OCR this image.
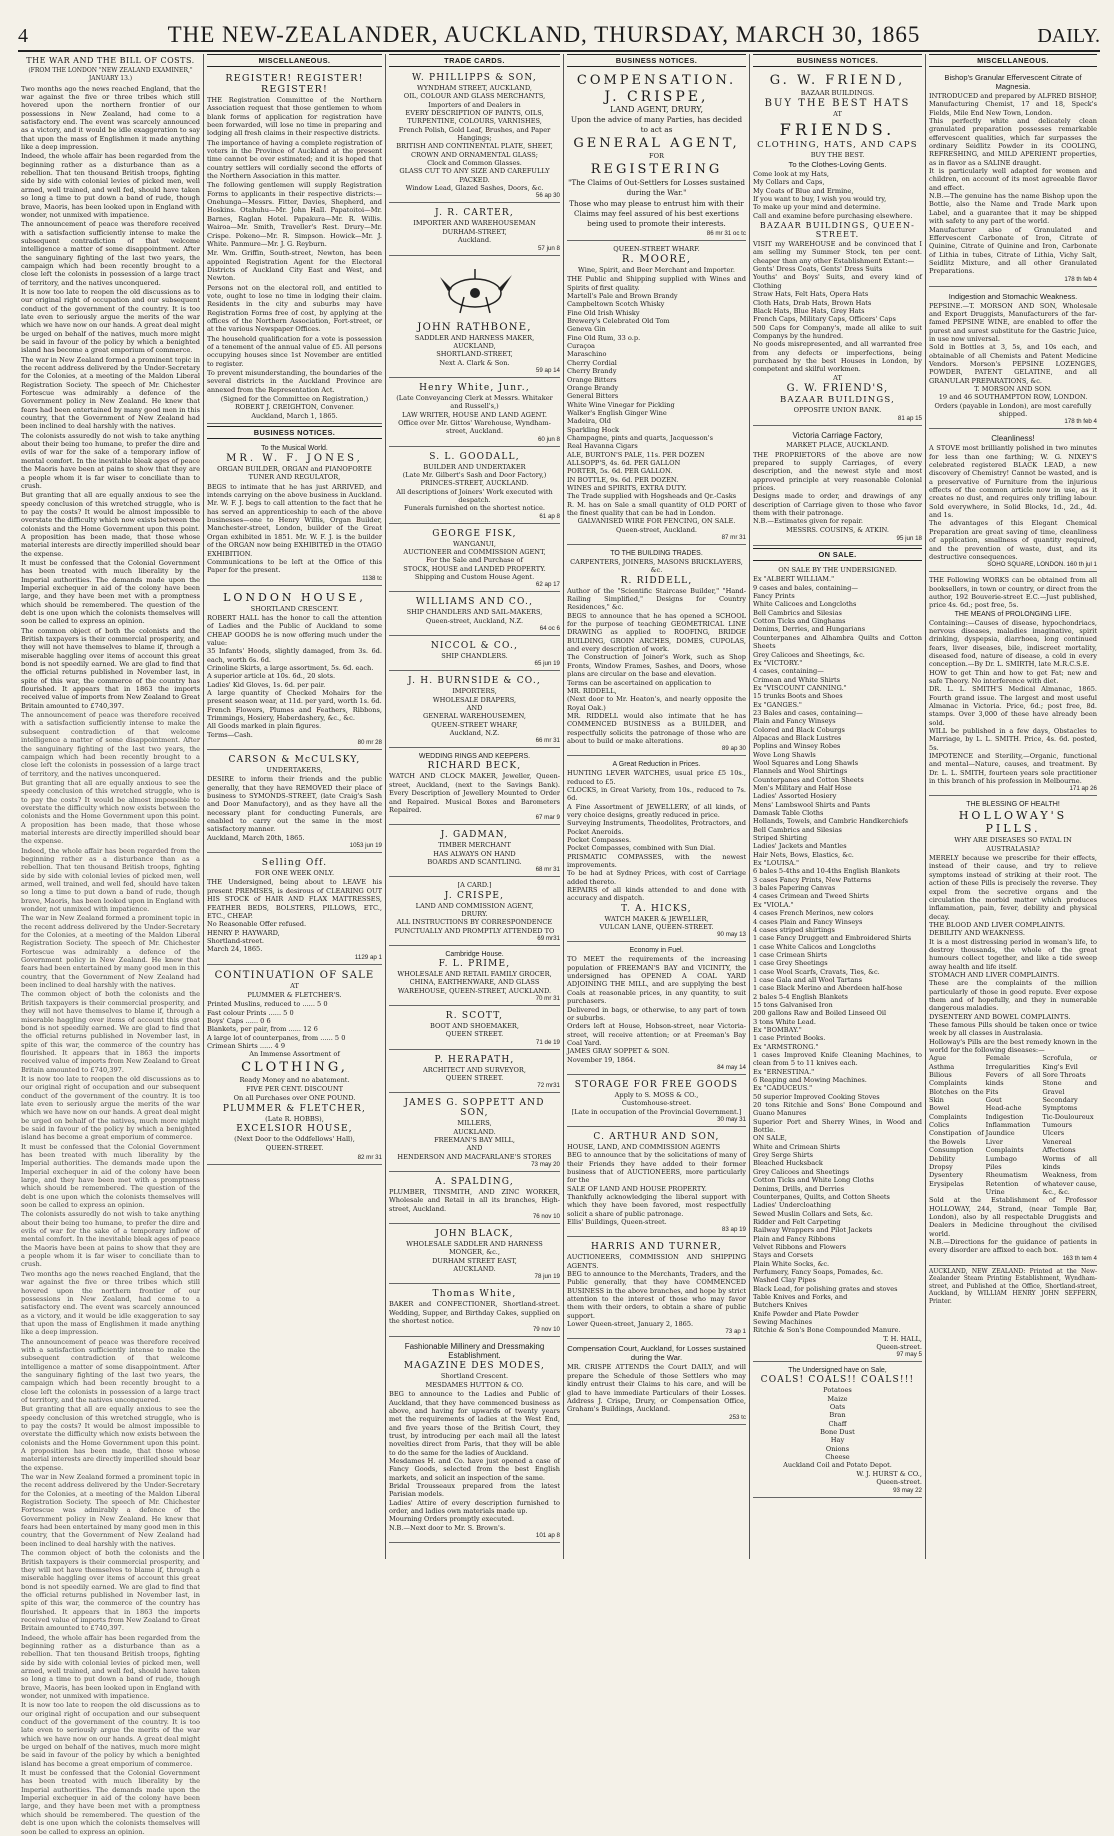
4	THE NEW-ZEALANDER, AUCKLAND, THURSDAY, MARCH 30, 1865	DAILY.
THE WAR AND THE BILL OF COSTS.

(FROM THE LONDON "NEW ZEALAND EXAMINER," JANUARY 13.)

Two months ago the news reached England, that the war against the five or three tribes which still hovered upon the northern frontier of our possessions in New Zealand, had come to a satisfactory end. The event was scarcely announced as a victory, and it would be idle exaggeration to say that upon the mass of Englishmen it made anything like a deep impression.

Indeed, the whole affair has been regarded from the beginning rather as a disturbance than as a rebellion. That ten thousand British troops, fighting side by side with colonial levies of picked men, well armed, well trained, and well fed, should have taken so long a time to put down a band of rude, though brave, Maoris, has been looked upon in England with wonder, not unmixed with impatience.

The announcement of peace was therefore received with a satisfaction sufficiently intense to make the subsequent contradiction of that welcome intelligence a matter of some disappointment. After the sanguinary fighting of the last two years, the campaign which had been recently brought to a close left the colonists in possession of a large tract of territory, and the natives unconquered.

It is now too late to reopen the old discussions as to our original right of occupation and our subsequent conduct of the government of the country. It is too late even to seriously argue the merits of the war which we have now on our hands. A great deal might be urged on behalf of the natives, much more might be said in favour of the policy by which a benighted island has become a great emporium of commerce.

The war in New Zealand formed a prominent topic in the recent address delivered by the Under-Secretary for the Colonies, at a meeting of the Maldon Liberal Registration Society. The speech of Mr. Chichester Fortescue was admirably a defence of the Government policy in New Zealand. He knew that fears had been entertained by many good men in this country, that the Government of New Zealand had been inclined to deal harshly with the natives.

The colonists assuredly do not wish to take anything about their being too humane, to prefer the dire and evils of war for the sake of a temporary inflow of mental comfort. In the inevitable bleak ages of peace the Maoris have been at pains to show that they are a people whom it is far wiser to conciliate than to crush.

But granting that all are equally anxious to see the speedy conclusion of this wretched struggle, who is to pay the costs? It would be almost impossible to overstate the difficulty which now exists between the colonists and the Home Government upon this point. A proposition has been made, that those whose material interests are directly imperilled should bear the expense.

It must be confessed that the Colonial Government has been treated with much liberality by the Imperial authorities. The demands made upon the Imperial exchequer in aid of the colony have been large, and they have been met with a promptness which should be remembered. The question of the debt is one upon which the colonists themselves will soon be called to express an opinion.

The common object of both the colonists and the British taxpayers is their commercial prosperity, and they will not have themselves to blame if, through a miserable haggling over items of account this great bond is not speedily earned. We are glad to find that the official returns published in November last, in spite of this war, the commerce of the country has flourished. It appears that in 1863 the imports received value of imports from New Zealand to Great Britain amounted to £740,397.

The announcement of peace was therefore received with a satisfaction sufficiently intense to make the subsequent contradiction of that welcome intelligence a matter of some disappointment. After the sanguinary fighting of the last two years, the campaign which had been recently brought to a close left the colonists in possession of a large tract of territory, and the natives unconquered.

But granting that all are equally anxious to see the speedy conclusion of this wretched struggle, who is to pay the costs? It would be almost impossible to overstate the difficulty which now exists between the colonists and the Home Government upon this point. A proposition has been made, that those whose material interests are directly imperilled should bear the expense.

Indeed, the whole affair has been regarded from the beginning rather as a disturbance than as a rebellion. That ten thousand British troops, fighting side by side with colonial levies of picked men, well armed, well trained, and well fed, should have taken so long a time to put down a band of rude, though brave, Maoris, has been looked upon in England with wonder, not unmixed with impatience.

The war in New Zealand formed a prominent topic in the recent address delivered by the Under-Secretary for the Colonies, at a meeting of the Maldon Liberal Registration Society. The speech of Mr. Chichester Fortescue was admirably a defence of the Government policy in New Zealand. He knew that fears had been entertained by many good men in this country, that the Government of New Zealand had been inclined to deal harshly with the natives.

The common object of both the colonists and the British taxpayers is their commercial prosperity, and they will not have themselves to blame if, through a miserable haggling over items of account this great bond is not speedily earned. We are glad to find that the official returns published in November last, in spite of this war, the commerce of the country has flourished. It appears that in 1863 the imports received value of imports from New Zealand to Great Britain amounted to £740,397.

It is now too late to reopen the old discussions as to our original right of occupation and our subsequent conduct of the government of the country. It is too late even to seriously argue the merits of the war which we have now on our hands. A great deal might be urged on behalf of the natives, much more might be said in favour of the policy by which a benighted island has become a great emporium of commerce.

It must be confessed that the Colonial Government has been treated with much liberality by the Imperial authorities. The demands made upon the Imperial exchequer in aid of the colony have been large, and they have been met with a promptness which should be remembered. The question of the debt is one upon which the colonists themselves will soon be called to express an opinion.

The colonists assuredly do not wish to take anything about their being too humane, to prefer the dire and evils of war for the sake of a temporary inflow of mental comfort. In the inevitable bleak ages of peace the Maoris have been at pains to show that they are a people whom it is far wiser to conciliate than to crush.

Two months ago the news reached England, that the war against the five or three tribes which still hovered upon the northern frontier of our possessions in New Zealand, had come to a satisfactory end. The event was scarcely announced as a victory, and it would be idle exaggeration to say that upon the mass of Englishmen it made anything like a deep impression.

The announcement of peace was therefore received with a satisfaction sufficiently intense to make the subsequent contradiction of that welcome intelligence a matter of some disappointment. After the sanguinary fighting of the last two years, the campaign which had been recently brought to a close left the colonists in possession of a large tract of territory, and the natives unconquered.

But granting that all are equally anxious to see the speedy conclusion of this wretched struggle, who is to pay the costs? It would be almost impossible to overstate the difficulty which now exists between the colonists and the Home Government upon this point. A proposition has been made, that those whose material interests are directly imperilled should bear the expense.

The war in New Zealand formed a prominent topic in the recent address delivered by the Under-Secretary for the Colonies, at a meeting of the Maldon Liberal Registration Society. The speech of Mr. Chichester Fortescue was admirably a defence of the Government policy in New Zealand. He knew that fears had been entertained by many good men in this country, that the Government of New Zealand had been inclined to deal harshly with the natives.

The common object of both the colonists and the British taxpayers is their commercial prosperity, and they will not have themselves to blame if, through a miserable haggling over items of account this great bond is not speedily earned. We are glad to find that the official returns published in November last, in spite of this war, the commerce of the country has flourished. It appears that in 1863 the imports received value of imports from New Zealand to Great Britain amounted to £740,397.

Indeed, the whole affair has been regarded from the beginning rather as a disturbance than as a rebellion. That ten thousand British troops, fighting side by side with colonial levies of picked men, well armed, well trained, and well fed, should have taken so long a time to put down a band of rude, though brave, Maoris, has been looked upon in England with wonder, not unmixed with impatience.

It is now too late to reopen the old discussions as to our original right of occupation and our subsequent conduct of the government of the country. It is too late even to seriously argue the merits of the war which we have now on our hands. A great deal might be urged on behalf of the natives, much more might be said in favour of the policy by which a benighted island has become a great emporium of commerce.

It must be confessed that the Colonial Government has been treated with much liberality by the Imperial authorities. The demands made upon the Imperial exchequer in aid of the colony have been large, and they have been met with a promptness which should be remembered. The question of the debt is one upon which the colonists themselves will soon be called to express an opinion.

MISCELLANEOUS.
REGISTER! REGISTER! REGISTER!

THE Registration Committee of the Northern Association request that those gentlemen to whom blank forms of application for registration have been forwarded, will lose no time in preparing and lodging all fresh claims in their respective districts.

The importance of having a complete registration of voters in the Province of Auckland at the present time cannot be over estimated; and it is hoped that country settlers will cordially second the efforts of the Northern Association in this matter.

The following gentlemen will supply Registration Forms to applicants in their respective districts:—Onehunga—Messrs. Fitter, Davies, Shepherd, and Hoskins. Otahuhu—Mr. John Hall. Papatoitoi—Mr. Barnes, Raglan Hotel. Papakura—Mr. R. Willis. Wairoa—Mr. Smith, Traveller's Rest. Drury—Mr. Crispe. Pokeno—Mr. R. Simpson. Howick—Mr. J. White. Panmure—Mr. J. G. Reyburn.

Mr. Wm. Griffin, South-street, Newton, has been appointed Registration Agent for the Electoral Districts of Auckland City East and West, and Newton.

Persons not on the electoral roll, and entitled to vote, ought to lose no time in lodging their claim. Residents in the city and suburbs may have Registration Forms free of cost, by applying at the offices of the Northern Association, Fort-street, or at the various Newspaper Offices.

The household qualification for a vote is possession of a tenement of the annual value of £5. All persons occupying houses since 1st November are entitled to register.

To prevent misunderstanding, the boundaries of the several districts in the Auckland Province are annexed from the Representation Act.

(Signed for the Committee on Registration,)
ROBERT J. CREIGHTON, Convener.
Auckland, March 1, 1865.

BUSINESS NOTICES.
To the Musical World.
MR. W. F. JONES,

ORGAN BUILDER, ORGAN and PIANOFORTE TUNER AND REGULATOR,

BEGS to intimate that he has just ARRIVED, and intends carrying on the above business in Auckland. Mr. W. F. J. begs to call attention to the fact that he has served an apprenticeship to each of the above businesses—one to Henry Willis, Organ Builder, Manchester-street, London, builder of the Great Organ exhibited in 1851. Mr. W. F. J. is the builder of the ORGAN now being EXHIBITED in the OTAGO EXHIBITION.
Communications to be left at the Office of this Paper for the present.

1138 tc
LONDON HOUSE,

SHORTLAND CRESCENT.

ROBERT HALL has the honor to call the attention of Ladies and the Public of Auckland to some CHEAP GOODS he is now offering much under the value:
35 Infants' Hoods, slightly damaged, from 3s. 6d. each, worth 6s. 6d.
Crinoline Skirts, a large assortment, 5s. 6d. each.
A superior article at 10s. 6d., 20 slots.
Ladies' Kid Gloves, 1s. 6d. per pair.
A large quantity of Checked Mohairs for the present season wear, at 11d. per yard, worth 1s. 6d.
French Flowers, Plumes and Feathers, Ribbons, Trimmings, Hosiery, Haberdashery, &c., &c.
All Goods marked in plain figures.
Terms—Cash.

80 mr 28
CARSON & McCULSKY,

UNDERTAKERS,

DESIRE to inform their friends and the public generally, that they have REMOVED their place of business to SYMONDS-STREET, (late Craig's Sash and Door Manufactory), and as they have all the necessary plant for conducting Funerals, are enabled to carry out the same in the most satisfactory manner.
Auckland, March 20th, 1865.

1053 jun 19
Selling Off.

FOR ONE WEEK ONLY.

THE Undersigned, being about to LEAVE his present PREMISES, is desirous of CLEARING OUT HIS STOCK of HAIR AND FLAX MATTRESSES, FEATHER BEDS, BOLSTERS, PILLOWS, ETC., ETC., CHEAP.
No Reasonable Offer refused.
HENRY P. HAYWARD,
Shortland-street.
March 24, 1865.

1129 ap 1
CONTINUATION OF SALE

AT

PLUMMER & FLETCHER'S.

Printed Muslins, reduced to ...... 5 0
Fast colour Prints ...... 5 0
Boys' Caps ...... 0 6
Blankets, per pair, from ...... 12 6
A large lot of counterpanes, from ...... 5 0
Crimean Shirts ...... 4 9

An Immense Assortment of

CLOTHING,

Ready Money and no abatement.

FIVE PER CENT. DISCOUNT

On all Purchases over ONE POUND.

PLUMMER & FLETCHER,

(Late R. HOBBS),

EXCELSIOR HOUSE,

(Next Door to the Oddfellows' Hall),

QUEEN-STREET.

82 mr 31
TRADE CARDS.
W. PHILLIPPS & SON,

WYNDHAM STREET, AUCKLAND,
OIL, COLOUR AND GLASS MERCHANTS,
Importers of and Dealers in
EVERY DESCRIPTION OF PAINTS, OILS, TURPENTINE, COLOURS, VARNISHES,
French Polish, Gold Leaf, Brushes, and Paper Hangings;
BRITISH AND CONTINENTAL PLATE, SHEET, CROWN AND ORNAMENTAL GLASS;
Clock and Common Glasses.
GLASS CUT TO ANY SIZE AND CAREFULLY PACKED.
Window Lead, Glazed Sashes, Doors, &c.

56 ap 30
J. R. CARTER,

IMPORTER AND WAREHOUSEMAN
DURHAM-STREET,
Auckland.

57 jun 8
JOHN RATHBONE,

SADDLER AND HARNESS MAKER,
AUCKLAND,
SHORTLAND-STREET,
Next A. Clark & Son.

59 ap 14
Henry White, Junr.,

(Late Conveyancing Clerk at Messrs. Whitaker and Russell's,)
LAW WRITER, HOUSE AND LAND AGENT.
Office over Mr. Gittos' Warehouse, Wyndham-street, Auckland.

60 jun 8
S. L. GOODALL,

BUILDER AND UNDERTAKER
(Late Mr. Gilbert's Sash and Door Factory,)
PRINCES-STREET, AUCKLAND.
All descriptions of Joiners' Work executed with despatch.
Funerals furnished on the shortest notice.

61 ap 8
GEORGE FISK,

WANGANUI,
AUCTIONEER and COMMISSION AGENT,
For the Sale and Purchase of
STOCK, HOUSE and LANDED PROPERTY.
Shipping and Custom House Agent.

62 ap 17
WILLIAMS AND CO.,

SHIP CHANDLERS AND SAIL-MAKERS,
Queen-street, Auckland, N.Z.

64 oc 6
NICCOL & CO.,

SHIP CHANDLERS.

65 jun 19
J. H. BURNSIDE & CO.,

IMPORTERS,
WHOLESALE DRAPERS,
AND
GENERAL WAREHOUSEMEN,
QUEEN-STREET WHARF,
Auckland, N.Z.

66 mr 31
WEDDING RINGS AND KEEPERS.
RICHARD BECK,

WATCH AND CLOCK MAKER, Jeweller, Queen-street, Auckland, (next to the Savings Bank). Every Description of Jewellery Mounted to Order and Repaired. Musical Boxes and Barometers Repaired.

67 mar 9
J. GADMAN,

TIMBER MERCHANT
HAS ALWAYS ON HAND
BOARDS AND SCANTLING.

68 mr 31

[A CARD.]

J. CRISPE,

LAND AND COMMISSION AGENT,
DRURY.
ALL INSTRUCTIONS BY CORRESPONDENCE PUNCTUALLY AND PROMPTLY ATTENDED TO

69 mr31
Cambridge House.
F. L. PRIME,

WHOLESALE AND RETAIL FAMILY GROCER, CHINA, EARTHENWARE, AND GLASS WAREHOUSE, QUEEN-STREET, AUCKLAND.

70 mr 31
R. SCOTT,

BOOT AND SHOEMAKER,
QUEEN STREET.

71 de 19
P. HERAPATH,

ARCHITECT AND SURVEYOR,
QUEEN STREET.

72 mr31
JAMES G. SOPPETT AND SON,

MILLERS,
AUCKLAND.
FREEMAN'S BAY MILL,
AND
HENDERSON AND MACFARLANE'S STORES

73 may 20
A. SPALDING,

PLUMBER, TINSMITH, AND ZINC WORKER, Wholesale and Retail in all its branches, High-street, Auckland.

76 nov 10
JOHN BLACK,

WHOLESALE SADDLER AND HARNESS MONGER, &c.,
DURHAM STREET EAST,
AUCKLAND.

78 jun 19
Thomas White,

BAKER and CONFECTIONER, Shortland-street. Wedding, Supper, and Birthday Cakes, supplied on the shortest notice.

79 nov 10
Fashionable Millinery and Dressmaking Establishment.
MAGAZINE DES MODES,

Shortland Crescent.

MESDAMES HUTTON & CO.

BEG to announce to the Ladies and Public of Auckland, that they have commenced business as above, and having for upwards of twenty years met the requirements of ladies at the West End, and five years those of the British Court, they trust, by introducing per each mail all the latest novelties direct from Paris, that they will be able to do the same for the ladies of Auckland.
Mesdames H. and Co. have just opened a case of Fancy Goods, selected from the best English markets, and solicit an inspection of the same.
Bridal Trousseaux prepared from the latest Parisian models.
Ladies' Attire of every description furnished to order, and ladies own materials made up.
Mourning Orders promptly executed.
N.B.—Next door to Mr. S. Brown's.

101 ap 8
BUSINESS NOTICES.
COMPENSATION.
J. CRISPE,

LAND AGENT, DRURY,

Upon the advice of many Parties, has decided to act as

GENERAL AGENT,

FOR

REGISTERING

"The Claims of Out-Settlers for Losses sustained during the War."

Those who may please to entrust him with their Claims may feel assured of his best exertions being used to promote their interests.

86 mr 31 oc tc

QUEEN-STREET WHARF.

R. MOORE,

Wine, Spirit, and Beer Merchant and Importer.

THE Public and Shipping supplied with Wines and Spirits of first quality.
Martell's Pale and Brown Brandy
Campbeltown Scotch Whisky
Fine Old Irish Whisky
Brewery's Celebrated Old Tom
Geneva Gin
Fine Old Rum, 33 o.p.
Curaçoa
Maraschino
Cherry Cordial
Cherry Brandy
Orange Bitters
Orange Brandy
General Bitters
White Wine Vinegar for Pickling
Walker's English Ginger Wine
Madeira, Old
Sparkling Hock
Champagne, pints and quarts, Jacquesson's
Real Havanna Cigars
ALE, BURTON'S PALE, 11s. PER DOZEN
ALLSOPP'S, 4s. 6d. PER GALLON
PORTER, 5s. 6d. PER GALLON.
IN BOTTLE, 9s. 6d. PER DOZEN.
WINES and SPIRITS, EXTRA DUTY.
The Trade supplied with Hogsheads and Qr.-Casks
R. M. has on Sale a small quantity of OLD PORT of the finest quality that can be had in London.

GALVANISED WIRE FOR FENCING, ON SALE.
Queen-street, Auckland.

87 mr 31
TO THE BUILDING TRADES.

CARPENTERS, JOINERS, MASONS BRICKLAYERS, &c.

R. RIDDELL,

Author of the "Scientific Staircase Builder," "Hand-Railing Simplified," Designs for Country Residences," &c.
BEGS to announce that he has opened a SCHOOL for the purpose of teaching GEOMETRICAL LINE DRAWING as applied to ROOFING, BRIDGE BUILDING, GROIN ARCHES, DOMES, CUPOLAS, and every description of work.
The Construction of Joiner's Work, such as Shop Fronts, Window Frames, Sashes, and Doors, whose plans are circular on the base and elevation.
Terms can be ascertained on application to
MR. RIDDELL,
(Next door to Mr. Heaton's, and nearly opposite the Royal Oak.)
MR. RIDDELL would also intimate that he has COMMENCED BUSINESS as a BUILDER, and respectfully solicits the patronage of those who are about to build or make alterations.

89 ap 30
A Great Reduction in Prices.

HUNTING LEVER WATCHES, usual price £5 10s., reduced to £5.
CLOCKS, in Great Variety, from 10s., reduced to 7s. 6d.
A Fine Assortment of JEWELLERY, of all kinds, of very choice designs, greatly reduced in price.
Surveying Instruments, Theodolites, Protractors, and Pocket Aneroids.
Pocket Compasses.
Pocket Compasses, combined with Sun Dial.
PRISMATIC COMPASSES, with the newest improvements.
To be had at Sydney Prices, with cost of Carriage added thereto.
REPAIRS of all kinds attended to and done with accuracy and dispatch.

T. A. HICKS,

WATCH MAKER & JEWELLER,
VULCAN LANE, QUEEN-STREET.

90 may 13
Economy in Fuel.

TO MEET the requirements of the increasing population of FREEMAN'S BAY and VICINITY, the undersigned has OPENED A COAL YARD ADJOINING THE MILL, and are supplying the best Coals at reasonable prices, in any quantity, to suit purchasers.
Delivered in bags, or otherwise, to any part of town or suburbs.
Orders left at House, Hobson-street, near Victoria-street, will receive attention; or at Freeman's Bay Coal Yard.
JAMES GRAY SOPPET & SON.
November 19, 1864.

84 may 14
STORAGE FOR FREE GOODS

Apply to S. MOSS & CO.,
Customhouse-street.
[Late in occupation of the Provincial Government.]

30 may 31
C. ARTHUR AND SON,

HOUSE, LAND, AND COMMISSION AGENTS
BEG to announce that by the solicitations of many of their Friends they have added to their former business that of AUCTIONEERS, more particularly for the
SALE OF LAND AND HOUSE PROPERTY.
Thankfully acknowledging the liberal support with which they have been favored, most respectfully solicit a share of public patronage.
Ellis' Buildings, Queen-street.

83 ap 19
HARRIS AND TURNER,

AUCTIONEERS, COMMISSION AND SHIPPING AGENTS.
BEG to announce to the Merchants, Traders, and the Public generally, that they have COMMENCED BUSINESS in the above branches, and hope by strict attention to the interest of those who may favor them with their orders, to obtain a share of public support.
Lower Queen-street, January 2, 1865.

73 ap 1
Compensation Court, Auckland, for Losses sustained during the War.

MR. CRISPE ATTENDS the Court DAILY, and will prepare the Schedule of those Settlers who may kindly entrust their Claims to his care, and will be glad to have immediate Particulars of their Losses. Address J. Crispe, Drury, or Compensation Office, Graham's Buildings, Auckland.

253 tc
BUSINESS NOTICES.
G. W. FRIEND,

BAZAAR BUILDINGS.

BUY THE BEST HATS

AT

FRIENDS.
CLOTHING, HATS, AND CAPS

BUY THE BEST.

To the Clothes-Loving Gents.

Come look at my Hats,
My Collars and Caps,
My Coats of Blue and Ermine,
If you want to buy, I wish you would try,
To make up your mind and determine.
Call and examine before purchasing elsewhere.

BAZAAR BUILDINGS, QUEEN-STREET.

VISIT my WAREHOUSE and be convinced that I am selling my Summer Stock, ten per cent. cheaper than any other Establishment Extant:—
Gents' Dress Coats, Gents' Dress Suits
Youths' and Boys' Suits, and every kind of Clothing
Straw Hats, Felt Hats, Opera Hats
Cloth Hats, Drab Hats, Brown Hats
Black Hats, Blue Hats, Grey Hats
French Caps, Military Caps, Officers' Caps
500 Caps for Company's, made all alike to suit Companys by the hundred.
No goods misrepresented, and all warranted free from any defects or imperfections, being purchased by the best Houses in London, by competent and skilful workmen.

AT

G. W. FRIEND'S,
BAZAAR BUILDINGS,

OPPOSITE UNION BANK.

81 ap 15
Victoria Carriage Factory,

MARKET PLACE, AUCKLAND.

THE PROPRIETORS of the above are now prepared to supply Carriages, of every description, and the newest style and most approved principle at very reasonable Colonial prices.
Designs made to order, and drawings of any description of Carriage given to those who favor them with their patronage.
N.B.—Estimates given for repair.

MESSRS. COUSINS, & ATKIN.

95 jun 18
ON SALE.

ON SALE BY THE UNDERSIGNED.

Ex "ALBERT WILLIAM."
9 cases and bales, containing—
Fancy Prints
White Calicoes and Longcloths
Bell Cambrics and Silesias
Cotton Ticks and Ginghams
Denims, Derries, and Hungarians
Counterpanes and Alhambra Quilts and Cotton Sheets
Grey Calicoes and Sheetings, &c.
Ex "VICTORY."
4 cases, containing—
Crimean and White Shirts
Ex "VISCOUNT CANNING."
15 trunks Boots and Shoes
Ex "GANGES."
23 Bales and cases, containing—
Plain and Fancy Winseys
Colored and Black Coburgs
Alpacas and Black Lustres
Poplins and Winsey Robes
Wove Long Shawls
Wool Squares and Long Shawls
Flannels and Wool Shirtings
Counterpanes and Cotton Sheets
Men's Military and Half Hose
Ladies' Assorted Hosiery
Mens' Lambswool Shirts and Pants
Damask Table Cloths
Hollands, Towels, and Cambric Handkerchiefs
Bell Cambrics and Silesias
Striped Shirting
Ladies' Jackets and Mantles
Hair Nets, Bows, Elastics, &c.
Ex "LOUISA."
6 bales 5-4ths and 10-4ths English Blankets
3 cases Fancy Prints, New Patterns
3 bales Papering Canvas
4 cases Crimean and Tweed Shirts
Ex "VIOLA."
4 cases French Merinos, new colors
4 cases Plain and Fancy Winseys
4 cases striped shirtings
1 case Fancy Druggett and Embroidered Shirts
1 case White Calicos and Longcloths
1 case Crimean Shirts
1 case Grey Sheetings
1 case Wool Scarfs, Cravats, Ties, &c.
1 case Gala and all Wool Tartans
1 case Black Merino and Aberdeen half-hose
2 bales 5-4 English Blankets
15 tons Galvanised Iron
200 gallons Raw and Boiled Linseed Oil
3 tons White Lead.
Ex "BOMBAY."
1 case Printed Books.
Ex "ARMSTRONG."
1 cases Improved Knife Cleaning Machines, to clean from 5 to 11 knives each.
Ex "ERNESTINA."
6 Reaping and Mowing Machines.
Ex "CADUCEUS."
50 superior Improved Cooking Stoves
20 tons Ritchie and Sons' Bone Compound and Guano Manures
Superior Port and Sherry Wines, in Wood and Bottle.
ON SALE,
White and Crimean Shirts
Grey Serge Shirts
Bleached Hucksback
Grey Calicoes and Sheetings
Cotton Ticks and White Long Cloths
Denims, Drills, and Derries
Counterpanes, Quilts, and Cotton Sheets
Ladies' Undercloathing
Sewed Muslin Collars and Sets, &c.
Ridder and Felt Carpeting
Railway Wrappers and Pilot Jackets
Plain and Fancy Ribbons
Velvet Ribbons and Flowers
Stays and Corsets
Plain White Socks, &c.
Perfumery, Fancy Soaps, Pomades, &c.
Washed Clay Pipes
Black Lead, for polishing grates and stoves
Table Knives and Forks, and
Butchers Knives
Knife Powder and Plate Powder
Sewing Machines
Ritchie & Son's Bone Compounded Manure.

T. H. HALL,
Queen-street.

97 may 5
The Undersigned have on Sale,
COALS! COALS!! COALS!!!

Potatoes
Maize
Oats
Bran
Chaff
Bone Dust
Hay
Onions
Cheese
Auckland Coil and Potato Depot.

W. J. HURST & CO.,
Queen-street.

93 may 22
MISCELLANEOUS.
Bishop's Granular Effervescent Citrate of Magnesia.

INTRODUCED and prepared by ALFRED BISHOP, Manufacturing Chemist, 17 and 18, Speck's Fields, Mile End New Town, London.
This perfectly white and delicately clean granulated preparation possesses remarkable effervescent qualities, which far surpasses the ordinary Seidlitz Powder in its COOLING, REFRESHING, and MILD APERIENT properties, as in flavor as a SALINE draught.
It is particularly well adapted for women and children, on account of its most agreeable flavor and effect.
N.B.—The genuine has the name Bishop upon the Bottle, also the Name and Trade Mark upon Label, and a guarantee that it may be shipped with safety to any part of the world.
Manufacturer also of Granulated and Effervescent Carbonate of Iron, Citrate of Quinine, Citrate of Quinine and Iron, Carbonate of Lithia in tubes, Citrate of Lithia, Vichy Salt, Seidlitz Mixture, and all other Granulated Preparations.

178 th feb 4
Indigestion and Stomachic Weakness.

PEPSINE.—T. MORSON AND SON, Wholesale and Export Druggists, Manufacturers of the far-famed PEPSINE WINE, are enabled to offer the purest and surest substitute for the Gastric Juice, in use now universal.
Sold in Bottles at 3, 5s, and 10s each, and obtainable of all Chemists and Patent Medicine Vendors. Morson's PEPSINE LOZENGES, POWDER, PATENT GELATINE, and all GRANULAR PREPARATIONS, &c.

T. MORSON AND SON.
19 and 46 SOUTHAMPTON ROW, LONDON.
Orders (payable in London), are most carefully shipped.

178 th feb 4
Cleanliness!

A STOVE most brilliantly polished in two minutes for less than one farthing; W. G. NIXEY'S celebrated registered BLACK LEAD, a new discovery of Chemistry! Cannot be wasted, and is a preservative of Furniture from the injurious effects of the common article now in use, as it creates no dust, and requires only trifling labour. Sold everywhere, in Solid Blocks, 1d., 2d., 4d. and 1s.
The advantages of this Elegant Chemical Preparation are great saving of time, cleanliness of application, smallness of quantity required, and the prevention of waste, dust, and its destructive consequences.

SOHO SQUARE, LONDON. 160 th jul 1

THE Following WORKS can be obtained from all booksellers, in town or country, or direct from the author, 192 Bouverie-street E.C.—Just published, price 4s. 6d.; post free, 5s.

THE MEANS of PROLONGING LIFE.

Containing:—Causes of disease, hypochondriacs, nervous diseases, maladies imaginative, spirit drinking, dyspepsia, diarrhoea, long continued fears, liver diseases, bile, indiscreet mortality, diseased food, nature of disease, a cold in every conception.—By Dr. L. SMIRTH, late M.R.C.S.E.

HOW to get Thin and how to get Fat; new and safe Theory. No interference with diet.

DR. L. L. SMITH'S Medical Almanac, 1865. Fourth grand issue. The largest and most useful Almanac in Victoria. Price, 6d.; post free, 8d. stamps. Over 3,000 of these have already been sold.

WILL be published in a few days, Obstacles to Marriage, by L. L. SMITH. Price, 4s. 6d. posted, 5s.

IMPOTENCE and Sterility,—Organic, functional and mental—Nature, causes, and treatment. By Dr. L. L. SMITH, fourteen years sole practitioner in this branch of his profession in Melbourne.

171 ap 26
THE BLESSING OF HEALTH!
HOLLOWAY'S PILLS.

WHY ARE DISEASES SO FATAL IN AUSTRALASIA?

MERELY because we prescribe for their effects, instead of their cause, and try to relieve symptoms instead of striking at their root. The action of these Pills is precisely the reverse. They expel from the secretive organs and the circulation the morbid matter which produces inflammation, pain, fever, debility and physical decay.
THE BLOOD AND LIVER COMPLAINTS.
DEBILITY AND WEAKNESS.
It is a most distressing period in woman's life, to destroy thousands, the whole of the great humours collect together, and like a tide sweep away health and life itself.
STOMACH AND LIVER COMPLAINTS.
These are the complaints of the million particularly of those in good repute. Ever expose them and of hopefully, and they in numerable dangerous maladies.
DYSENTERY AND BOWEL COMPLAINTS.
These famous Pills should be taken once or twice week by all classes in Australasia.
Holloway's Pills are the best remedy known in the world for the following diseases:—

Ague
Asthma
Bilious Complaints
Blotches on the Skin
Bowel Complaints
Colics
Constipation of the Bowels
Consumption
Debility
Dropsy
Dysentery
Erysipelas

Female Irregularities
Fevers of all kinds
Fits
Gout
Head-ache
Indigestion
Inflammation
Jaundice
Liver Complaints
Lumbago
Piles
Rheumatism
Retention of Urine

Scrofula, or King's Evil
Sore Throats
Stone and Gravel
Secondary Symptoms
Tic-Douloureux
Tumours
Ulcers
Venereal Affections
Worms of all kinds
Weakness, from whatever cause, &c., &c.

Sold at the Establishment of Professor HOLLOWAY, 244, Strand, (near Temple Bar, London), also by all respectable Druggists and Dealers in Medicine throughout the civilised world.
N.B.—Directions for the guidance of patients in every disorder are affixed to each box.

163 th tem 4

AUCKLAND, NEW ZEALAND: Printed at the New-Zealander Steam Printing Establishment, Wyndham-street, and Published at the Office, Shortland-street, Auckland, by WILLIAM HENRY JOHN SEFFERN, Printer.
